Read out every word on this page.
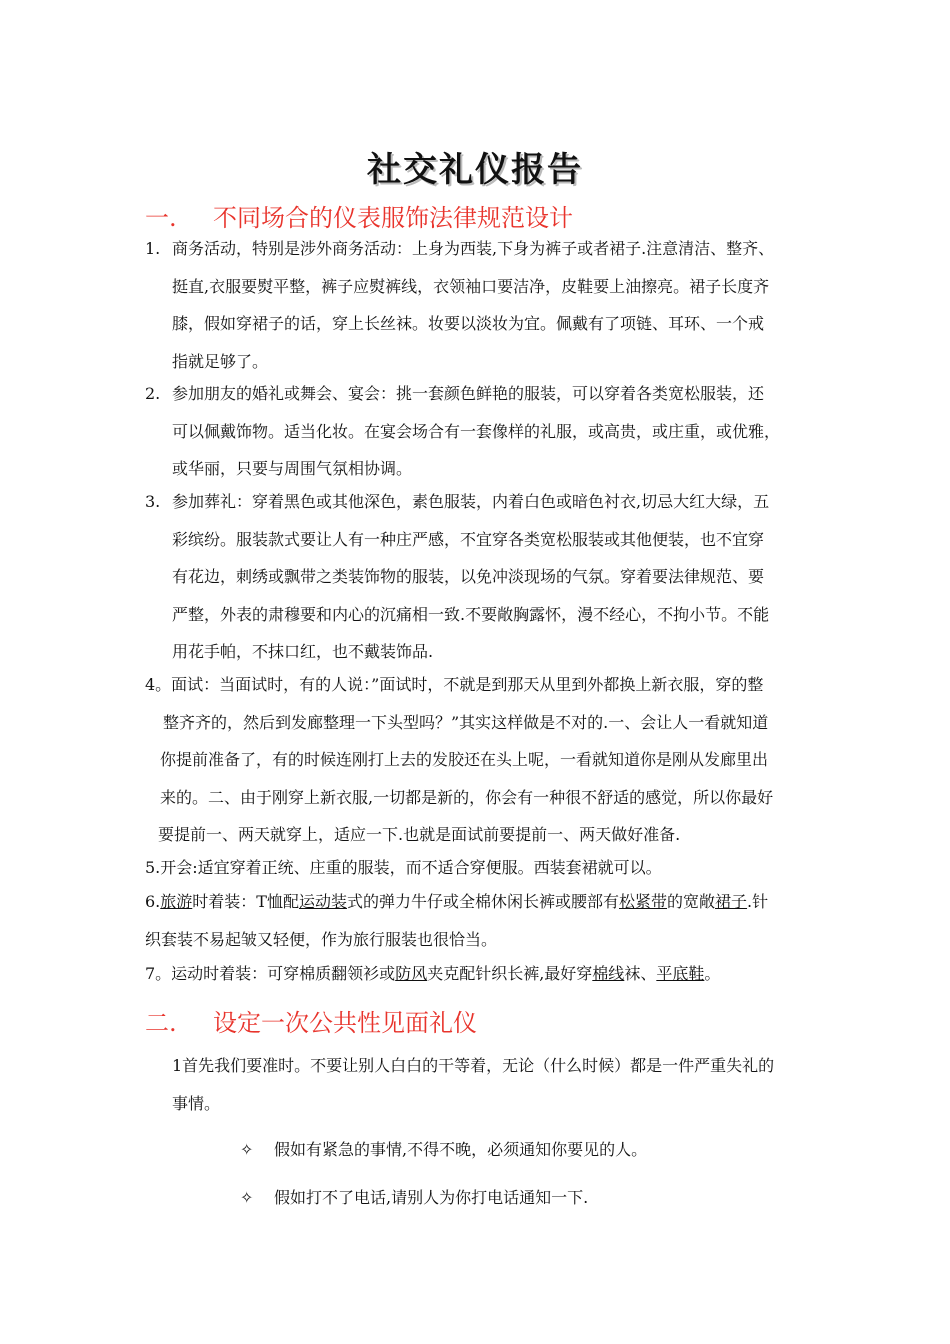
社交礼仪报告
一. 不同场合的仪表服饰法律规范设计
1. 商务活动，特别是涉外商务活动：上身为西装,下身为裤子或者裙子.注意清洁、整齐、
挺直,衣服要熨平整，裤子应熨裤线，衣领袖口要洁净，皮鞋要上油擦亮。裙子长度齐
膝，假如穿裙子的话，穿上长丝袜。妆要以淡妆为宜。佩戴有了项链、耳环、一个戒
指就足够了。
2. 参加朋友的婚礼或舞会、宴会：挑一套颜色鲜艳的服装，可以穿着各类宽松服装，还
可以佩戴饰物。适当化妆。在宴会场合有一套像样的礼服，或高贵，或庄重，或优雅，
或华丽，只要与周围气氛相协调。
3. 参加葬礼：穿着黑色或其他深色，素色服装，内着白色或暗色衬衣,切忌大红大绿，五
彩缤纷。服装款式要让人有一种庄严感，不宜穿各类宽松服装或其他便装，也不宜穿
有花边，刺绣或飘带之类装饰物的服装，以免冲淡现场的气氛。穿着要法律规范、要
严整，外表的肃穆要和内心的沉痛相一致.不要敞胸露怀，漫不经心，不拘小节。不能
用花手帕，不抹口红，也不戴装饰品.
4。面试：当面试时，有的人说：”面试时，不就是到那天从里到外都换上新衣服，穿的整
整齐齐的，然后到发廊整理一下头型吗？”其实这样做是不对的.一、会让人一看就知道
你提前准备了，有的时候连刚打上去的发胶还在头上呢，一看就知道你是刚从发廊里出
来的。二、由于刚穿上新衣服,一切都是新的，你会有一种很不舒适的感觉，所以你最好
要提前一、两天就穿上，适应一下.也就是面试前要提前一、两天做好准备.
5.开会:适宜穿着正统、庄重的服装，而不适合穿便服。西装套裙就可以。
6.旅游时着装：T恤配运动装式的弹力牛仔或全棉休闲长裤或腰部有松紧带的宽敞裙子.针
织套装不易起皱又轻便，作为旅行服装也很恰当。
7。运动时着装：可穿棉质翻领衫或防风夹克配针织长裤,最好穿棉线袜、平底鞋。
二. 设定一次公共性见面礼仪
1首先我们要准时。不要让别人白白的干等着，无论（什么时候）都是一件严重失礼的
事情。
✧ 假如有紧急的事情,不得不晚，必须通知你要见的人。
✧ 假如打不了电话,请别人为你打电话通知一下.
